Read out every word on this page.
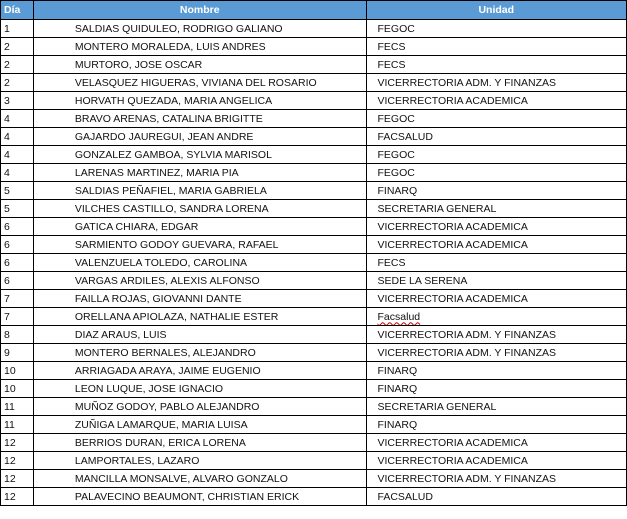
Día	Nombre	Unidad
1	SALDIAS QUIDULEO, RODRIGO GALIANO	FEGOC
2	MONTERO MORALEDA, LUIS ANDRES	FECS
2	MURTORO, JOSE OSCAR	FECS
2	VELASQUEZ HIGUERAS, VIVIANA DEL ROSARIO	VICERRECTORIA ADM. Y FINANZAS
3	HORVATH QUEZADA, MARIA ANGELICA	VICERRECTORIA ACADEMICA
4	BRAVO ARENAS, CATALINA BRIGITTE	FEGOC
4	GAJARDO JAUREGUI, JEAN ANDRE	FACSALUD
4	GONZALEZ GAMBOA, SYLVIA MARISOL	FEGOC
4	LARENAS MARTINEZ, MARIA PIA	FEGOC
5	SALDIAS PEÑAFIEL, MARIA GABRIELA	FINARQ
5	VILCHES CASTILLO, SANDRA LORENA	SECRETARIA GENERAL
6	GATICA CHIARA, EDGAR	VICERRECTORIA ACADEMICA
6	SARMIENTO GODOY GUEVARA, RAFAEL	VICERRECTORIA ACADEMICA
6	VALENZUELA TOLEDO, CAROLINA	FECS
6	VARGAS ARDILES, ALEXIS ALFONSO	SEDE LA SERENA
7	FAILLA ROJAS, GIOVANNI DANTE	VICERRECTORIA ACADEMICA
7	ORELLANA APIOLAZA, NATHALIE ESTER	Facsalud
8	DIAZ ARAUS, LUIS	VICERRECTORIA ADM. Y FINANZAS
9	MONTERO BERNALES, ALEJANDRO	VICERRECTORIA ADM. Y FINANZAS
10	ARRIAGADA ARAYA, JAIME EUGENIO	FINARQ
10	LEON LUQUE, JOSE IGNACIO	FINARQ
11	MUÑOZ GODOY, PABLO ALEJANDRO	SECRETARIA GENERAL
11	ZUÑIGA LAMARQUE, MARIA LUISA	FINARQ
12	BERRIOS DURAN, ERICA LORENA	VICERRECTORIA ACADEMICA
12	LAMPORTALES, LAZARO	VICERRECTORIA ACADEMICA
12	MANCILLA MONSALVE, ALVARO GONZALO	VICERRECTORIA ADM. Y FINANZAS
12	PALAVECINO BEAUMONT, CHRISTIAN ERICK	FACSALUD
